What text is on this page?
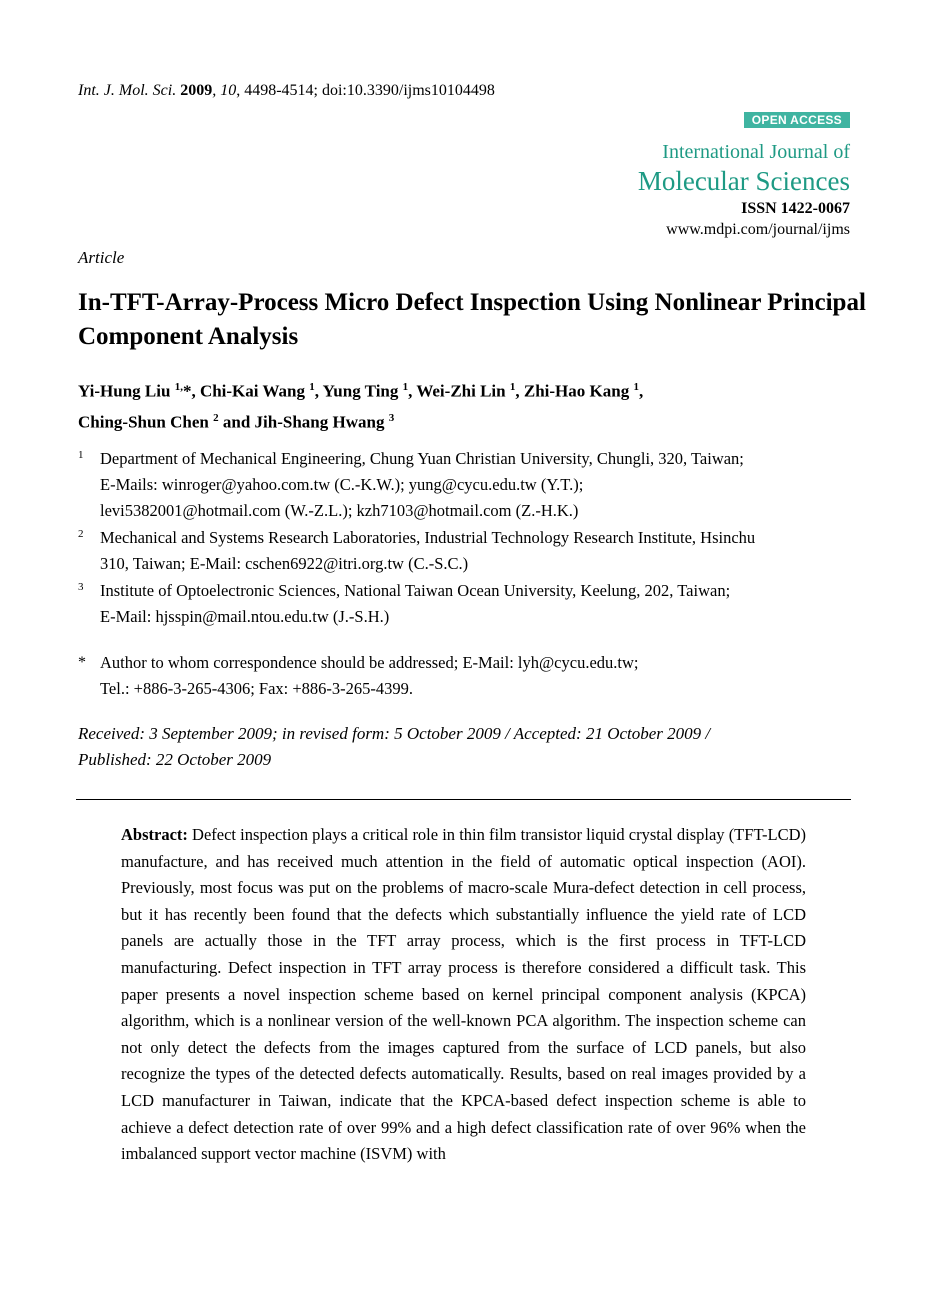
Int. J. Mol. Sci. 2009, 10, 4498-4514; doi:10.3390/ijms10104498
OPEN ACCESS
International Journal of
Molecular Sciences
ISSN 1422-0067
www.mdpi.com/journal/ijms
Article
In-TFT-Array-Process Micro Defect Inspection Using Nonlinear Principal Component Analysis
Yi-Hung Liu $^{1,}$*, Chi-Kai Wang $^1$, Yung Ting $^1$, Wei-Zhi Lin $^1$, Zhi-Hao Kang $^1$,
Ching-Shun Chen $^2$ and Jih-Shang Hwang $^3$
1 Department of Mechanical Engineering, Chung Yuan Christian University, Chungli, 320, Taiwan;
E-Mails: winroger@yahoo.com.tw (C.-K.W.); yung@cycu.edu.tw (Y.T.);
levi5382001@hotmail.com (W.-Z.L.); kzh7103@hotmail.com (Z.-H.K.)
2 Mechanical and Systems Research Laboratories, Industrial Technology Research Institute, Hsinchu
310, Taiwan; E-Mail: cschen6922@itri.org.tw (C.-S.C.)
3 Institute of Optoelectronic Sciences, National Taiwan Ocean University, Keelung, 202, Taiwan;
E-Mail: hjsspin@mail.ntou.edu.tw (J.-S.H.)
* Author to whom correspondence should be addressed; E-Mail: lyh@cycu.edu.tw;
Tel.: +886-3-265-4306; Fax: +886-3-265-4399.
Received: 3 September 2009; in revised form: 5 October 2009 / Accepted: 21 October 2009 /
Published: 22 October 2009
Abstract: Defect inspection plays a critical role in thin film transistor liquid crystal display (TFT-LCD) manufacture, and has received much attention in the field of automatic optical inspection (AOI). Previously, most focus was put on the problems of macro-scale Mura-defect detection in cell process, but it has recently been found that the defects which substantially influence the yield rate of LCD panels are actually those in the TFT array process, which is the first process in TFT-LCD manufacturing. Defect inspection in TFT array process is therefore considered a difficult task. This paper presents a novel inspection scheme based on kernel principal component analysis (KPCA) algorithm, which is a nonlinear version of the well-known PCA algorithm. The inspection scheme can not only detect the defects from the images captured from the surface of LCD panels, but also recognize the types of the detected defects automatically. Results, based on real images provided by a LCD manufacturer in Taiwan, indicate that the KPCA-based defect inspection scheme is able to achieve a defect detection rate of over 99% and a high defect classification rate of over 96% when the imbalanced support vector machine (ISVM) with
